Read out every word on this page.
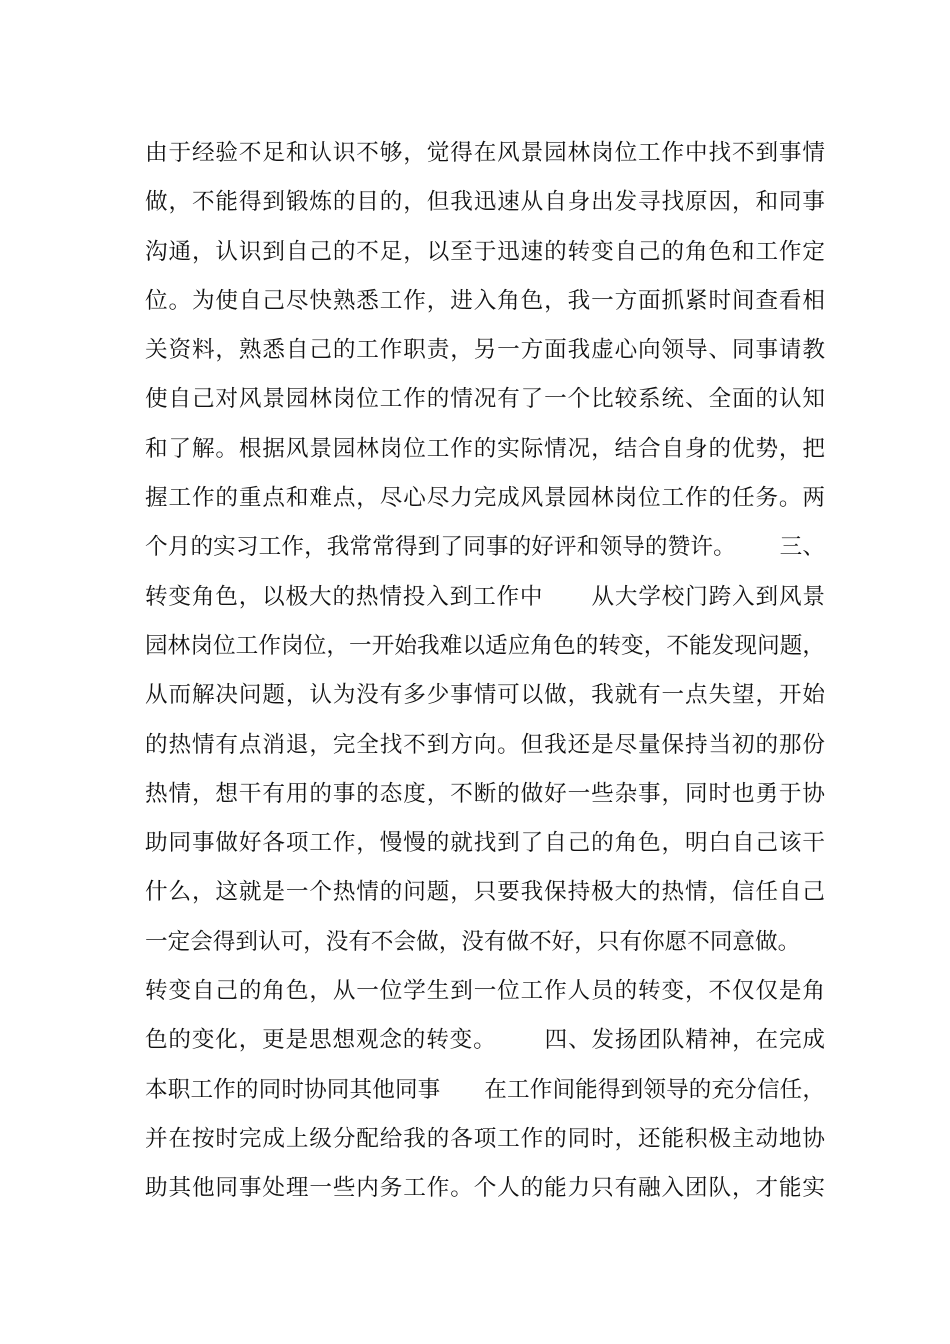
由于经验不足和认识不够，觉得在风景园林岗位工作中找不到事情
做，不能得到锻炼的目的，但我迅速从自身出发寻找原因，和同事
沟通，认识到自己的不足，以至于迅速的转变自己的角色和工作定
位。为使自己尽快熟悉工作，进入角色，我一方面抓紧时间查看相
关资料，熟悉自己的工作职责，另一方面我虚心向领导、同事请教
使自己对风景园林岗位工作的情况有了一个比较系统、全面的认知
和了解。根据风景园林岗位工作的实际情况，结合自身的优势，把
握工作的重点和难点，尽心尽力完成风景园林岗位工作的任务。两
个月的实习工作，我常常得到了同事的好评和领导的赞许。      三、
转变角色，以极大的热情投入到工作中      从大学校门跨入到风景
园林岗位工作岗位，一开始我难以适应角色的转变，不能发现问题，
从而解决问题，认为没有多少事情可以做，我就有一点失望，开始
的热情有点消退，完全找不到方向。但我还是尽量保持当初的那份
热情，想干有用的事的态度，不断的做好一些杂事，同时也勇于协
助同事做好各项工作，慢慢的就找到了自己的角色，明白自己该干
什么，这就是一个热情的问题，只要我保持极大的热情，信任自己
一定会得到认可，没有不会做，没有做不好，只有你愿不同意做。
转变自己的角色，从一位学生到一位工作人员的转变，不仅仅是角
色的变化，更是思想观念的转变。      四、发扬团队精神，在完成
本职工作的同时协同其他同事      在工作间能得到领导的充分信任，
并在按时完成上级分配给我的各项工作的同时，还能积极主动地协
助其他同事处理一些内务工作。个人的能力只有融入团队，才能实
